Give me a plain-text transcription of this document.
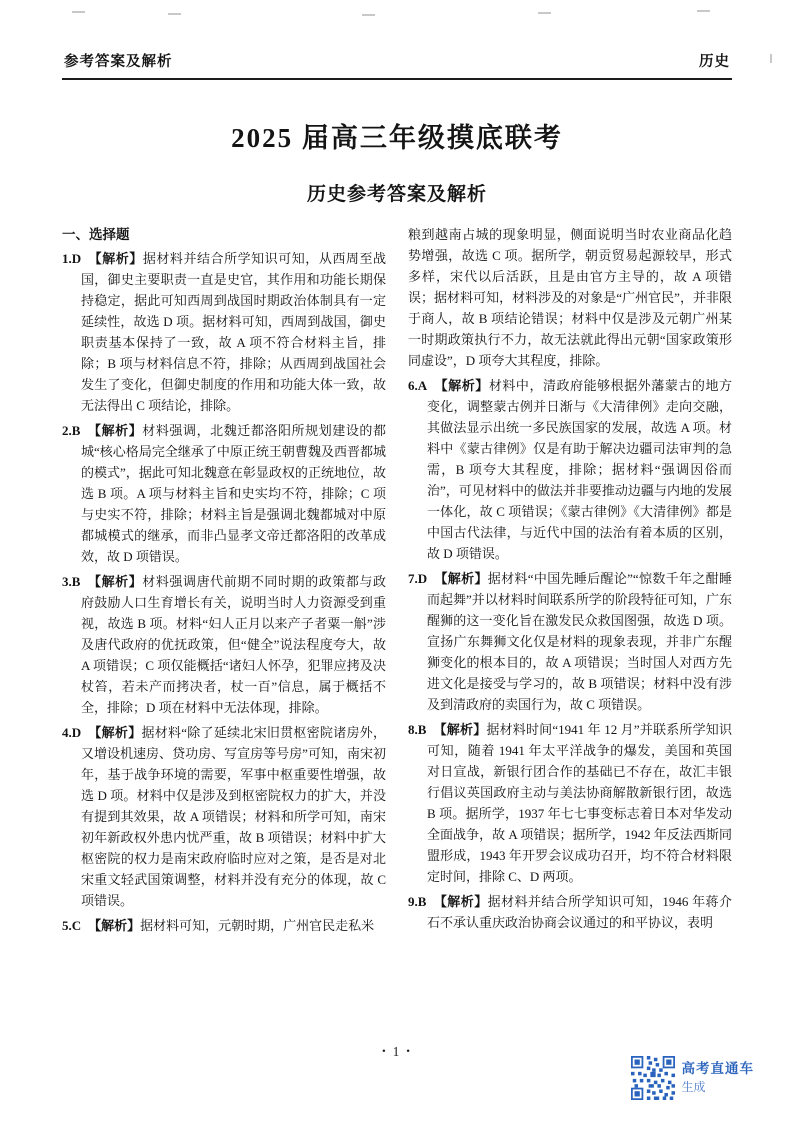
参考答案及解析	历史
2025 届高三年级摸底联考
历史参考答案及解析

一、选择题

1.D 【解析】据材料并结合所学知识可知，从西周至战国，御史主要职责一直是史官，其作用和功能长期保持稳定，据此可知西周到战国时期政治体制具有一定延续性，故选 D 项。据材料可知，西周到战国，御史职责基本保持了一致，故 A 项不符合材料主旨，排除；B 项与材料信息不符，排除；从西周到战国社会发生了变化，但御史制度的作用和功能大体一致，故无法得出 C 项结论，排除。

2.B 【解析】材料强调，北魏迁都洛阳所规划建设的都城“核心格局完全继承了中原正统王朝曹魏及西晋都城的模式”，据此可知北魏意在彰显政权的正统地位，故选 B 项。A 项与材料主旨和史实均不符，排除；C 项与史实不符，排除；材料主旨是强调北魏都城对中原都城模式的继承，而非凸显孝文帝迁都洛阳的改革成效，故 D 项错误。

3.B 【解析】材料强调唐代前期不同时期的政策都与政府鼓励人口生育增长有关，说明当时人力资源受到重视，故选 B 项。材料“妇人正月以来产子者粟一斛”涉及唐代政府的优抚政策，但“健全”说法程度夸大，故 A 项错误；C 项仅能概括“诸妇人怀孕，犯罪应拷及决杖笞，若未产而拷决者，杖一百”信息，属于概括不全，排除；D 项在材料中无法体现，排除。

4.D 【解析】据材料“除了延续北宋旧贯枢密院诸房外，又增设机速房、贷功房、写宣房等号房”可知，南宋初年，基于战争环境的需要，军事中枢重要性增强，故选 D 项。材料中仅是涉及到枢密院权力的扩大，并没有提到其效果，故 A 项错误；材料和所学可知，南宋初年新政权外患内忧严重，故 B 项错误；材料中扩大枢密院的权力是南宋政府临时应对之策，是否是对北宋重文轻武国策调整，材料并没有充分的体现，故 C 项错误。

5.C 【解析】据材料可知，元朝时期，广州官民走私米

粮到越南占城的现象明显，侧面说明当时农业商品化趋势增强，故选 C 项。据所学，朝贡贸易起源较早，形式多样，宋代以后活跃，且是由官方主导的，故 A 项错误；据材料可知，材料涉及的对象是“广州官民”，并非限于商人，故 B 项结论错误；材料中仅是涉及元朝广州某一时期政策执行不力，故无法就此得出元朝“国家政策形同虚设”，D 项夸大其程度，排除。

6.A 【解析】材料中，清政府能够根据外藩蒙古的地方变化，调整蒙古例并日渐与《大清律例》走向交融，其做法显示出统一多民族国家的发展，故选 A 项。材料中《蒙古律例》仅是有助于解决边疆司法审判的急需，B 项夸大其程度，排除；据材料“强调因俗而治”，可见材料中的做法并非要推动边疆与内地的发展一体化，故 C 项错误；《蒙古律例》《大清律例》都是中国古代法律，与近代中国的法治有着本质的区别，故 D 项错误。

7.D 【解析】据材料“中国先睡后醒论”“惊数千年之酣睡而起舞”并以材料时间联系所学的阶段特征可知，广东醒狮的这一变化旨在激发民众救国图强，故选 D 项。宣扬广东舞狮文化仅是材料的现象表现，并非广东醒狮变化的根本目的，故 A 项错误；当时国人对西方先进文化是接受与学习的，故 B 项错误；材料中没有涉及到清政府的卖国行为，故 C 项错误。

8.B 【解析】据材料时间“1941 年 12 月”并联系所学知识可知，随着 1941 年太平洋战争的爆发，美国和英国对日宣战，新银行团合作的基础已不存在，故汇丰银行倡议英国政府主动与美法协商解散新银行团，故选 B 项。据所学，1937 年七七事变标志着日本对华发动全面战争，故 A 项错误；据所学，1942 年反法西斯同盟形成，1943 年开罗会议成功召开，均不符合材料限定时间，排除 C、D 两项。

9.B 【解析】据材料并结合所学知识可知，1946 年蒋介石不承认重庆政治协商会议通过的和平协议，表明

・1・
高考直通车
生成
